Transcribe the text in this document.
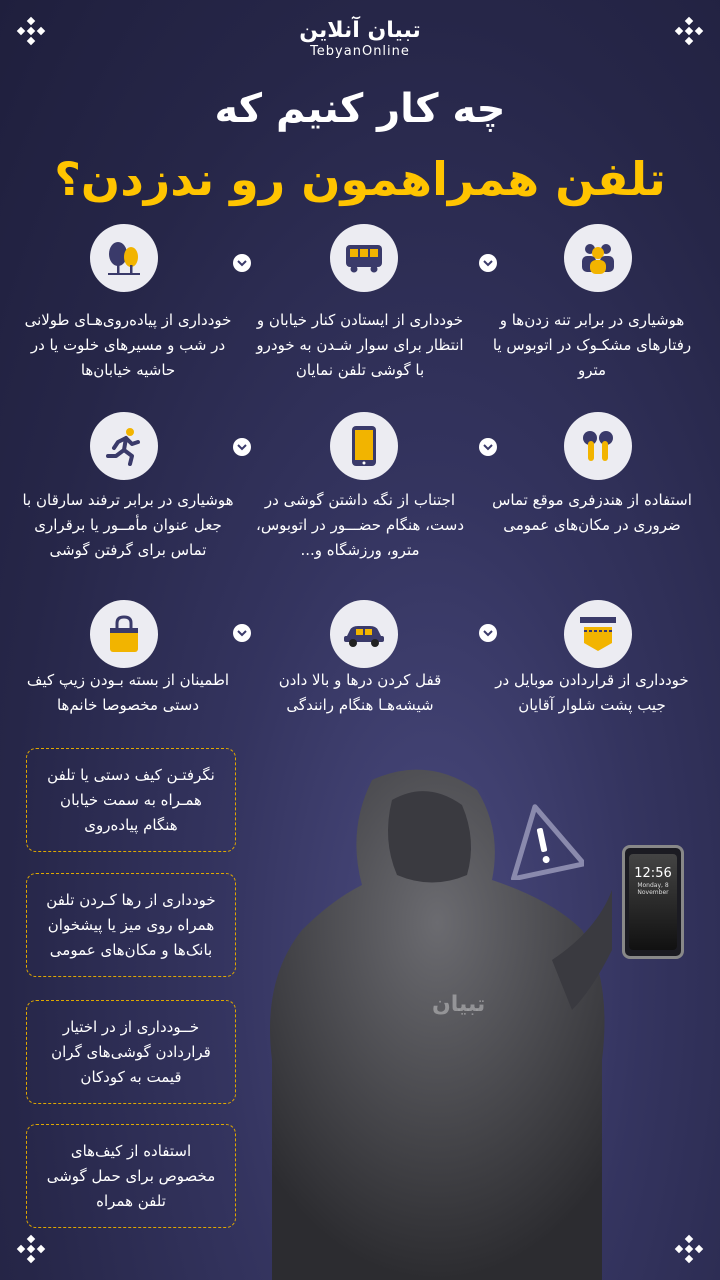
تبیان آنلاین
TebyanOnline
چه کار کنیم که
تلفن همراهمون رو ندزدن؟
هوشیاری در برابر تنه زدن‌ها و رفتارهای مشکـوک در اتوبوس یا مترو
خودداری از ایستادن کنار خیابان و انتظار برای سوار شـدن به خودرو با گوشی تلفن نمایان
خودداری از پیاده‌روی‌هـای طولانی در شب و مسیرهای خلوت یا در حاشیه خیابان‌ها
استفاده از هندزفری موقع تماس ضروری در مکان‌های عمومی
اجتناب از نگه داشتن گوشی در دست، هنگام حضـــور در اتوبوس، مترو، ورزشگاه و...
هوشیاری در برابر ترفند سارقان با جعل عنوان مأمــور یا برقراری تماس برای گرفتن گوشی
خودداری از قراردادن موبایل در جیب پشت شلوار آقایان
قفل کردن درها و بالا دادن شیشه‌هـا هنگام رانندگی
اطمینان از بسته بـودن زیپ کیف دستی مخصوصا خانم‌ها
نگرفتـن کیف دستی یا تلفن همـراه به سمت خیابان هنگام پیاده‌روی
خودداری از رها کـردن تلفن همراه روی میز یا پیشخوان بانک‌ها و مکان‌های عمومی
خــودداری از در اختیار قراردادن گوشی‌های گران قیمت به کودکان
استفاده از کیف‌های مخصوص برای حمل گوشی تلفن همراه
تبیان
12:56
Monday, 8 November
